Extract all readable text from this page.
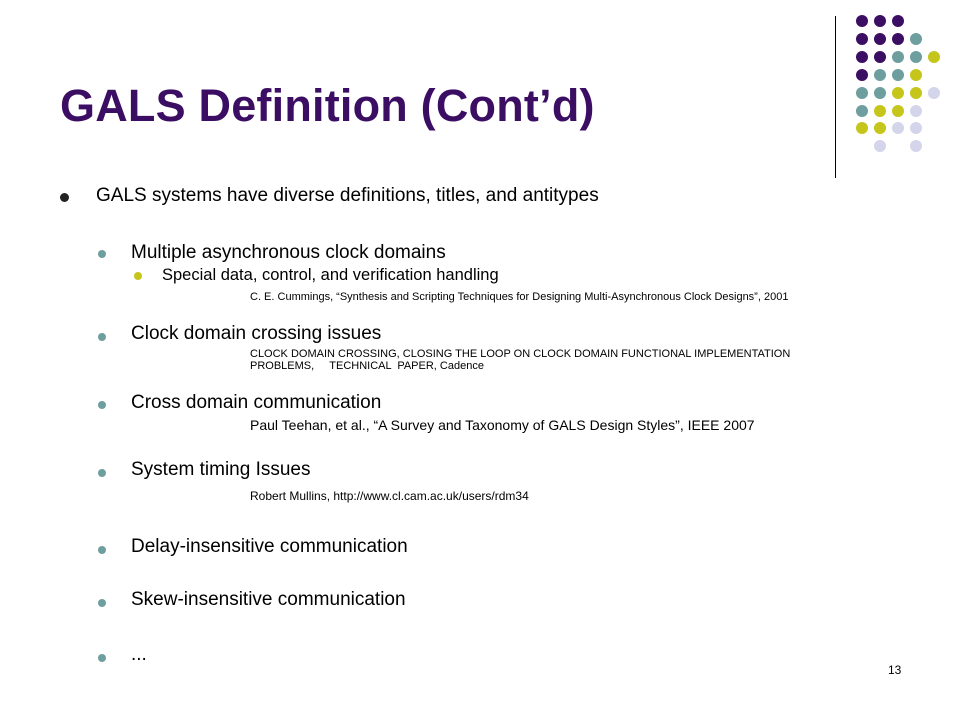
GALS Definition (Cont’d)
GALS systems have diverse definitions, titles, and antitypes
Multiple asynchronous clock domains
Special data, control, and verification handling
C. E. Cummings, “Synthesis and Scripting Techniques for Designing Multi-Asynchronous Clock Designs”, 2001
Clock domain crossing issues
CLOCK DOMAIN CROSSING, CLOSING THE LOOP ON CLOCK DOMAIN FUNCTIONAL IMPLEMENTATION
PROBLEMS,     TECHNICAL  PAPER, Cadence
Cross domain communication
Paul Teehan, et al., “A Survey and Taxonomy of GALS Design Styles”, IEEE 2007
System timing Issues
Robert Mullins, http://www.cl.cam.ac.uk/users/rdm34
Delay-insensitive communication
Skew-insensitive communication
...
13
